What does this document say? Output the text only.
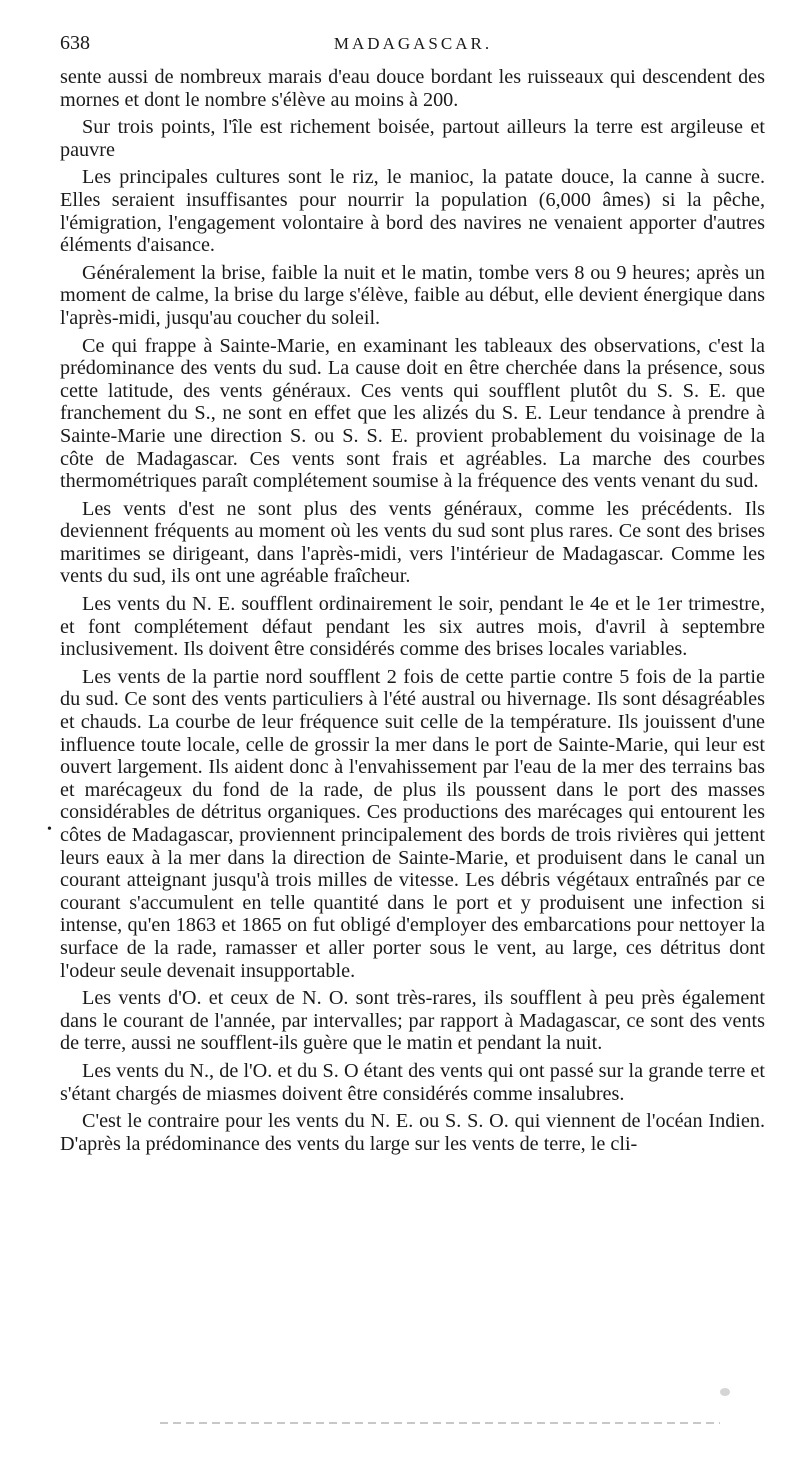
638	MADAGASCAR.
•

sente aussi de nombreux marais d'eau douce bordant les ruisseaux qui descendent des mornes et dont le nombre s'élève au moins à 200.

Sur trois points, l'île est richement boisée, partout ailleurs la terre est argileuse et pauvre

Les principales cultures sont le riz, le manioc, la patate douce, la canne à sucre. Elles seraient insuffisantes pour nourrir la population (6,000 âmes) si la pêche, l'émigration, l'engagement volontaire à bord des navires ne venaient apporter d'autres éléments d'aisance.

Généralement la brise, faible la nuit et le matin, tombe vers 8 ou 9 heures; après un moment de calme, la brise du large s'élève, faible au début, elle devient énergique dans l'après-midi, jusqu'au coucher du soleil.

Ce qui frappe à Sainte-Marie, en examinant les tableaux des observations, c'est la prédominance des vents du sud. La cause doit en être cherchée dans la présence, sous cette latitude, des vents généraux. Ces vents qui soufflent plutôt du S. S. E. que franchement du S., ne sont en effet que les alizés du S. E. Leur tendance à prendre à Sainte-Marie une direction S. ou S. S. E. provient probablement du voisinage de la côte de Madagascar. Ces vents sont frais et agréables. La marche des courbes thermométriques paraît complétement soumise à la fréquence des vents venant du sud.

Les vents d'est ne sont plus des vents généraux, comme les précédents. Ils deviennent fréquents au moment où les vents du sud sont plus rares. Ce sont des brises maritimes se dirigeant, dans l'après-midi, vers l'intérieur de Madagascar. Comme les vents du sud, ils ont une agréable fraîcheur.

Les vents du N. E. soufflent ordinairement le soir, pendant le 4e et le 1er trimestre, et font complétement défaut pendant les six autres mois, d'avril à septembre inclusivement. Ils doivent être considérés comme des brises locales variables.

Les vents de la partie nord soufflent 2 fois de cette partie contre 5 fois de la partie du sud. Ce sont des vents particuliers à l'été austral ou hivernage. Ils sont désagréables et chauds. La courbe de leur fréquence suit celle de la température. Ils jouissent d'une influence toute locale, celle de grossir la mer dans le port de Sainte-Marie, qui leur est ouvert largement. Ils aident donc à l'envahissement par l'eau de la mer des terrains bas et marécageux du fond de la rade, de plus ils poussent dans le port des masses considérables de détritus organiques. Ces productions des marécages qui entourent les côtes de Madagascar, proviennent principalement des bords de trois rivières qui jettent leurs eaux à la mer dans la direction de Sainte-Marie, et produisent dans le canal un courant atteignant jusqu'à trois milles de vitesse. Les débris végétaux entraînés par ce courant s'accumulent en telle quantité dans le port et y produisent une infection si intense, qu'en 1863 et 1865 on fut obligé d'employer des embarcations pour nettoyer la surface de la rade, ramasser et aller porter sous le vent, au large, ces détritus dont l'odeur seule devenait insupportable.

Les vents d'O. et ceux de N. O. sont très-rares, ils soufflent à peu près également dans le courant de l'année, par intervalles; par rapport à Madagascar, ce sont des vents de terre, aussi ne soufflent-ils guère que le matin et pendant la nuit.

Les vents du N., de l'O. et du S. O étant des vents qui ont passé sur la grande terre et s'étant chargés de miasmes doivent être considérés comme insalubres.

C'est le contraire pour les vents du N. E. ou S. S. O. qui viennent de l'océan Indien. D'après la prédominance des vents du large sur les vents de terre, le cli-
